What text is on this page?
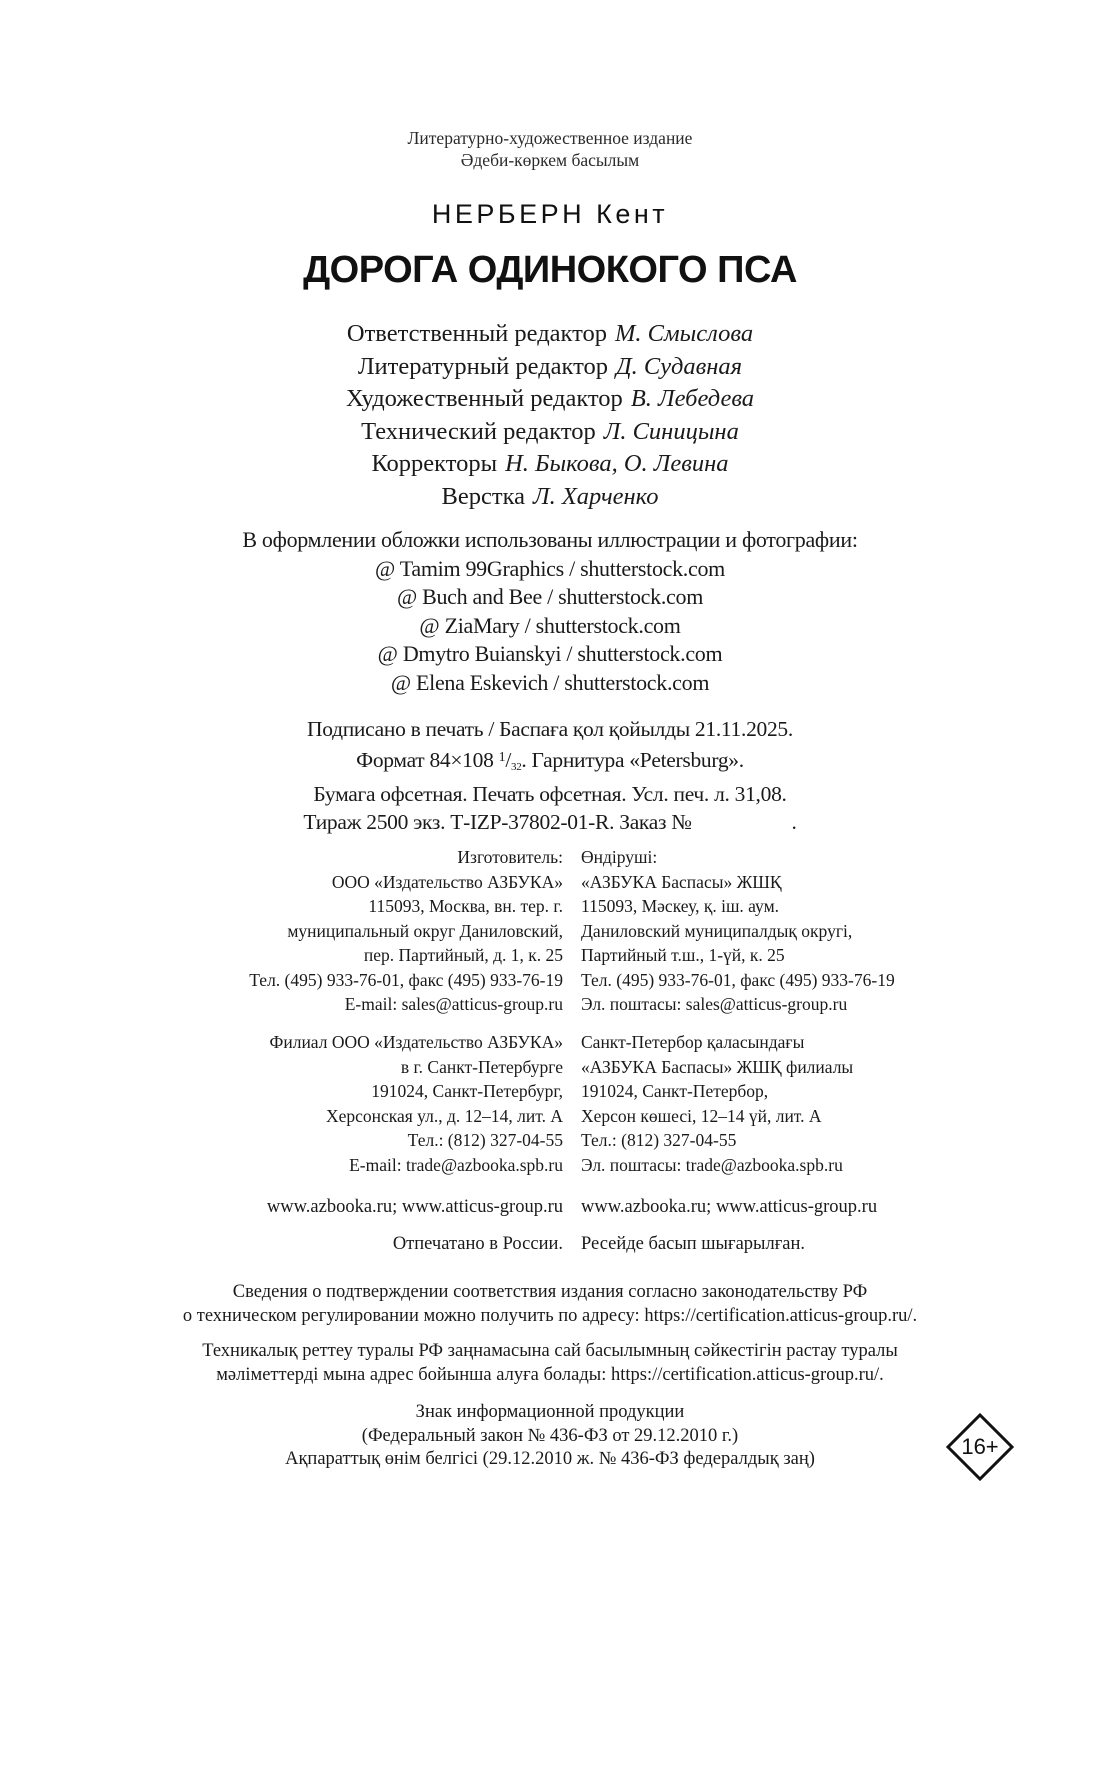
Литературно-художественное издание
Әдеби-көркем басылым
НЕРБЕРН Кент
ДОРОГА ОДИНОКОГО ПСА
Ответственный редактор М. Смыслова
Литературный редактор Д. Судавная
Художественный редактор В. Лебедева
Технический редактор Л. Синицына
Корректоры Н. Быкова, О. Левина
Верстка Л. Харченко
В оформлении обложки использованы иллюстрации и фотографии:
@ Tamim 99Graphics / shutterstock.com
@ Buch and Bee / shutterstock.com
@ ZiaMary / shutterstock.com
@ Dmytro Buianskyi / shutterstock.com
@ Elena Eskevich / shutterstock.com
Подписано в печать / Баспаға қол қойылды 21.11.2025.
Формат 84×108 $^1/_{32}$. Гарнитура «Petersburg».
Бумага офсетная. Печать офсетная. Усл. печ. л. 31,08.
Тираж 2500 экз. Т-IZP-37802-01-R. Заказ №	.
Изготовитель:
ООО «Издательство АЗБУКА»
115093, Москва, вн. тер. г.
муниципальный округ Даниловский,
пер. Партийный, д. 1, к. 25
Тел. (495) 933-76-01, факс (495) 933-76-19
E-mail: sales@atticus-group.ru
Өндіруші:
«АЗБУКА Баспасы» ЖШҚ
115093, Мәскеу, қ. іш. аум.
Даниловский муниципалдық округі,
Партийный т.ш., 1-үй, к. 25
Тел. (495) 933-76-01, факс (495) 933-76-19
Эл. поштасы: sales@atticus-group.ru
Филиал ООО «Издательство АЗБУКА»
в г. Санкт-Петербурге
191024, Санкт-Петербург,
Херсонская ул., д. 12–14, лит. А
Тел.: (812) 327-04-55
E-mail: trade@azbooka.spb.ru
Санкт-Петербор қаласындағы
«АЗБУКА Баспасы» ЖШҚ филиалы
191024, Санкт-Петербор,
Херсон көшесі, 12–14 үй, лит. А
Тел.: (812) 327-04-55
Эл. поштасы: trade@azbooka.spb.ru
www.azbooka.ru; www.atticus-group.ru www.azbooka.ru; www.atticus-group.ru
Отпечатано в России. Ресейде басып шығарылған.
Сведения о подтверждении соответствия издания согласно законодательству РФ
о техническом регулировании можно получить по адресу: https://certification.atticus-group.ru/.
Техникалық реттеу туралы РФ заңнамасына сай басылымның сәйкестігін растау туралы
мәліметтерді мына адрес бойынша алуға болады: https://certification.atticus-group.ru/.
Знак информационной продукции
(Федеральный закон № 436-ФЗ от 29.12.2010 г.)
Ақпараттық өнім белгісі (29.12.2010 ж. № 436-ФЗ федералдық заң)	16+
